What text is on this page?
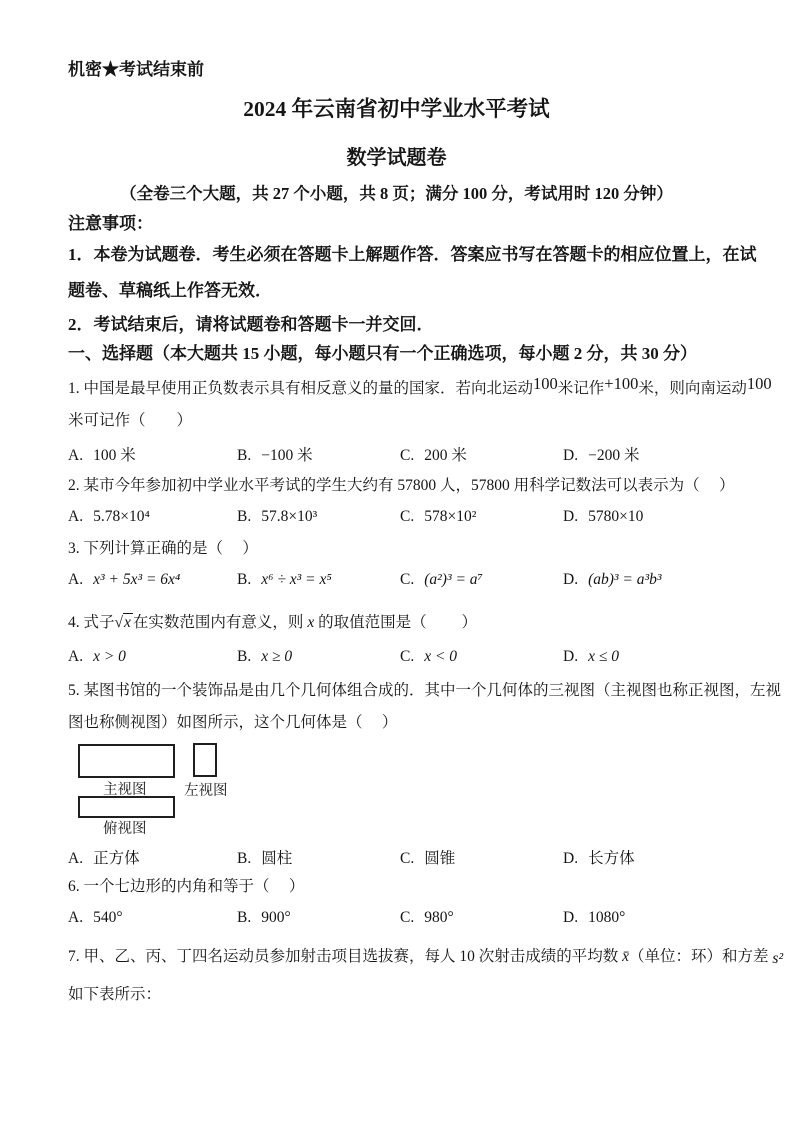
机密★考试结束前
2024 年云南省初中学业水平考试
数学试题卷
（全卷三个大题，共 27 个小题，共 8 页；满分 100 分，考试用时 120 分钟）
注意事项：
1．本卷为试题卷．考生必须在答题卡上解题作答．答案应书写在答题卡的相应位置上，在试
题卷、草稿纸上作答无效．
2．考试结束后，请将试题卷和答题卡一并交回．
一、选择题（本大题共 15 小题，每小题只有一个正确选项，每小题 2 分，共 30 分）
1. 中国是最早使用正负数表示具有相反意义的量的国家．若向北运动100米记作+100米，则向南运动100
米可记作（　　）
A. 100 米	B. −100 米	C. 200 米	D. −200 米
2. 某市今年参加初中学业水平考试的学生大约有 57800 人，57800 用科学记数法可以表示为（　 ）
A. 5.78×10⁴	B. 57.8×10³	C. 578×10²	D. 5780×10
3. 下列计算正确的是（　 ）
A. x³ + 5x³ = 6x⁴	B. x⁶ ÷ x³ = x⁵	C. (a²)³ = a⁷	D. (ab)³ = a³b³
4. 式子√x 在实数范围内有意义，则 x 的取值范围是（　　 ）
A. x > 0	B. x ≥ 0	C. x < 0	D. x ≤ 0
5. 某图书馆的一个装饰品是由几个几何体组合成的．其中一个几何体的三视图（主视图也称正视图，左视
图也称侧视图）如图所示，这个几何体是（　 ）
主视图	左视图
俯视图
A. 正方体	B. 圆柱	C. 圆锥	D. 长方体
6. 一个七边形的内角和等于（　 ）
A. 540°	B. 900°	C. 980°	D. 1080°
7. 甲、乙、丙、丁四名运动员参加射击项目选拔赛，每人 10 次射击成绩的平均数 x̄（单位：环）和方差 s²
如下表所示：
